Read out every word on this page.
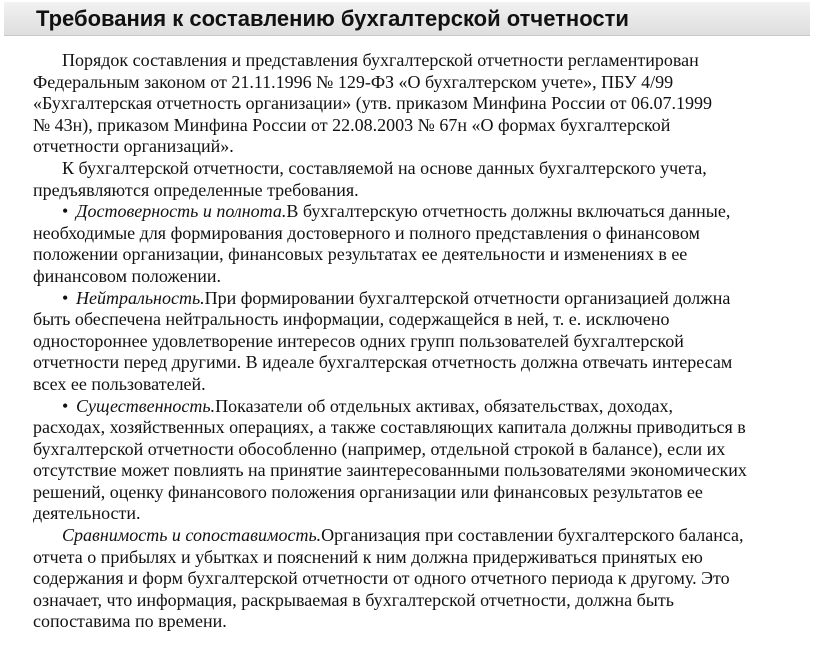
Требования к составлению бухгалтерской отчетности

Порядок составления и представления бухгалтерской отчетности регламентирован
Федеральным законом от 21.11.1996 № 129-ФЗ «О бухгалтерском учете», ПБУ 4/99
«Бухгалтерская отчетность организации» (утв. приказом Минфина России от 06.07.1999
№ 43н), приказом Минфина России от 22.08.2003 № 67н «О формах бухгалтерской
отчетности организаций».

К бухгалтерской отчетности, составляемой на основе данных бухгалтерского учета,
предъявляются определенные требования.

• Достоверность и полнота.В бухгалтерскую отчетность должны включаться данные,
необходимые для формирования достоверного и полного представления о финансовом
положении организации, финансовых результатах ее деятельности и изменениях в ее
финансовом положении.

• Нейтральность.При формировании бухгалтерской отчетности организацией должна
быть обеспечена нейтральность информации, содержащейся в ней, т. е. исключено
одностороннее удовлетворение интересов одних групп пользователей бухгалтерской
отчетности перед другими. В идеале бухгалтерская отчетность должна отвечать интересам
всех ее пользователей.

• Существенность.Показатели об отдельных активах, обязательствах, доходах,
расходах, хозяйственных операциях, а также составляющих капитала должны приводиться в
бухгалтерской отчетности обособленно (например, отдельной строкой в балансе), если их
отсутствие может повлиять на принятие заинтересованными пользователями экономических
решений, оценку финансового положения организации или финансовых результатов ее
деятельности.

Сравнимость и сопоставимость.Организация при составлении бухгалтерского баланса,
отчета о прибылях и убытках и пояснений к ним должна придерживаться принятых ею
содержания и форм бухгалтерской отчетности от одного отчетного периода к другому. Это
означает, что информация, раскрываемая в бухгалтерской отчетности, должна быть
сопоставима по времени.
